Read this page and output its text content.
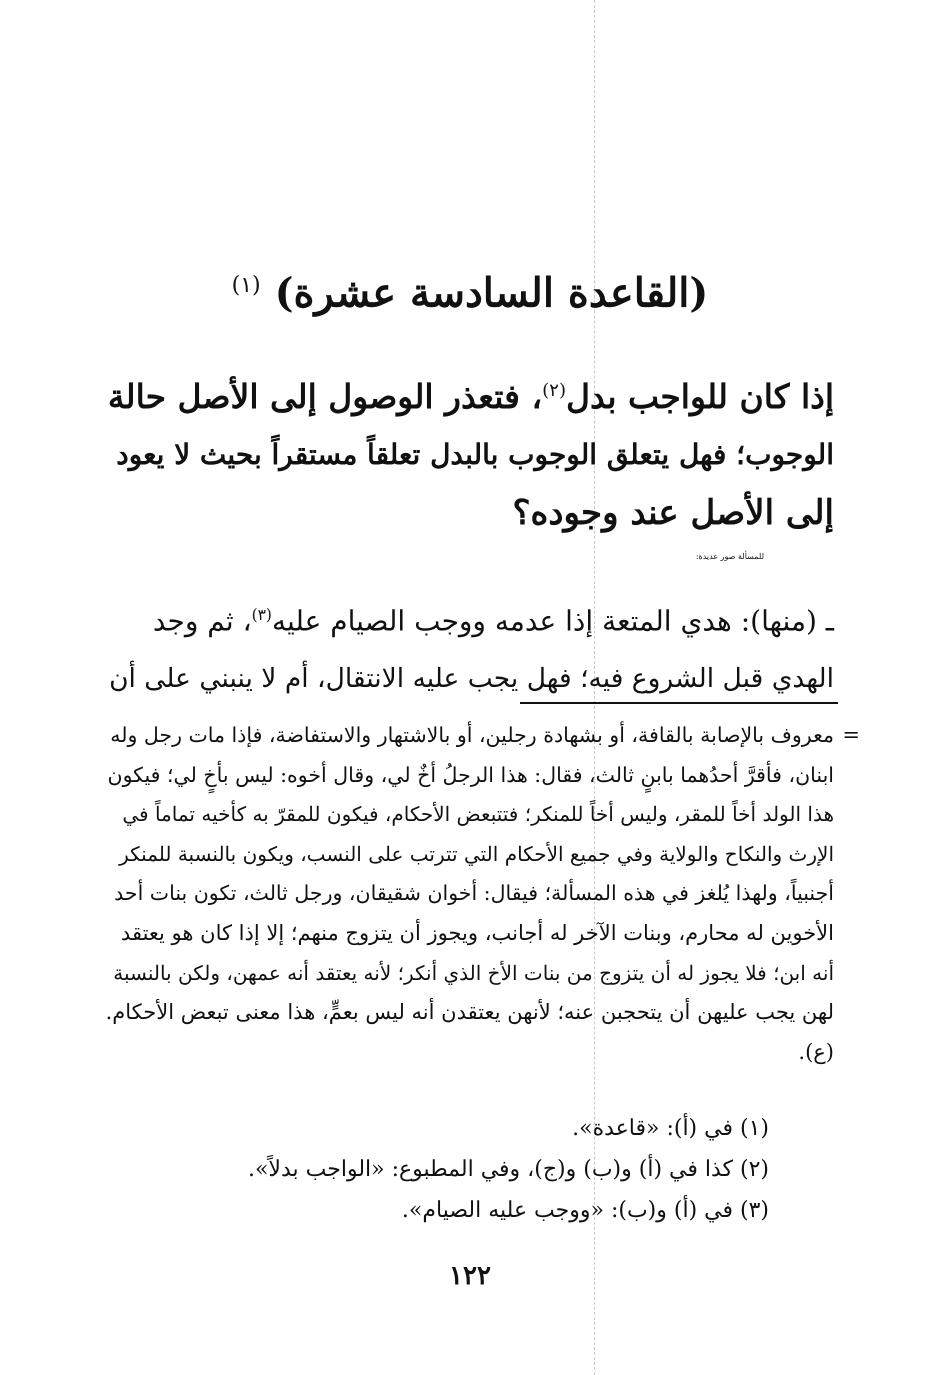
(القاعدة السادسة عشرة) $^{(١)}$
إذا كان للواجب بدل$^{(٢)}$، فتعذر الوصول إلى الأصل حالة
الوجوب؛ فهل يتعلق الوجوب بالبدل تعلقاً مستقراً بحيث لا يعود
إلى الأصل عند وجوده؟
للمسألة صور عديدة:
ـ (منها): هدي المتعة إذا عدمه ووجب الصيام عليه$^{(٣)}$، ثم وجد
الهدي قبل الشروع فيه؛ فهل يجب عليه الانتقال، أم لا ينبني على أن
=
معروف بالإصابة بالقافة، أو بشهادة رجلين، أو بالاشتهار والاستفاضة، فإذا مات رجل وله
ابنان، فأقرَّ أحدُهما بابنٍ ثالث، فقال: هذا الرجلُ أخٌ لي، وقال أخوه: ليس بأخٍ لي؛ فيكون
هذا الولد أخاً للمقر، وليس أخاً للمنكر؛ فتتبعض الأحكام، فيكون للمقرّ به كأخيه تماماً في
الإرث والنكاح والولاية وفي جميع الأحكام التي تترتب على النسب، ويكون بالنسبة للمنكر
أجنبياً، ولهذا يُلغز في هذه المسألة؛ فيقال: أخوان شقيقان، ورجل ثالث، تكون بنات أحد
الأخوين له محارم، وبنات الآخر له أجانب، ويجوز أن يتزوج منهم؛ إلا إذا كان هو يعتقد
أنه ابن؛ فلا يجوز له أن يتزوج من بنات الأخ الذي أنكر؛ لأنه يعتقد أنه عمهن، ولكن بالنسبة
لهن يجب عليهن أن يتحجبن عنه؛ لأنهن يعتقدن أنه ليس بعمٍّ، هذا معنى تبعض الأحكام.
(ع).
(١) في (أ): «قاعدة».
(٢) كذا في (أ) و(ب) و(ج)، وفي المطبوع: «الواجب بدلاً».
(٣) في (أ) و(ب): «ووجب عليه الصيام».
١٢٢
